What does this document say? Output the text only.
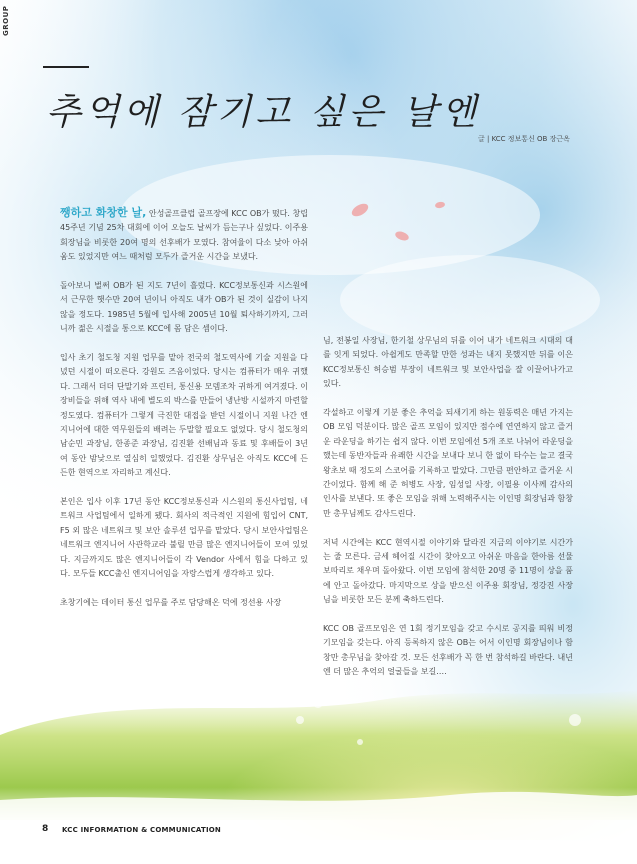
GROUP
추억에 잠기고 싶은 날엔
글 | KCC 정보통신 OB 장근옥

쨍하고 화창한 날, 안성골프클럽 골프장에 KCC OB가 떴다. 창립 45주년 기념 25차 대회에 이어 오늘도 날씨가 듬는구나 싶었다. 이주용 회장님을 비롯한 20여 명의 선후배가 모였다. 참여율이 다소 낮아 아쉬움도 있었지만 여느 때처럼 모두가 즐거운 시간을 보냈다.

돌아보니 벌써 OB가 된 지도 7년이 흘렀다. KCC정보통신과 시스원에서 근무한 햇수만 20여 년이니 아직도 내가 OB가 된 것이 실감이 나지 않을 정도다. 1985년 5월에 입사해 2005년 10월 퇴사하기까지, 그러니까 젊은 시절을 통으로 KCC에 몸 담은 셈이다.

입사 초기 철도청 지원 업무를 맡아 전국의 철도역사에 기술 지원을 다녔던 시절이 떠오른다. 강원도 즈음이었다. 당시는 컴퓨터가 매우 귀했다. 그래서 더더 단말기와 프린터, 통신용 모뎀조차 귀하게 여겨졌다. 이 장비들을 위해 역사 내에 별도의 박스를 만들어 냉난방 시설까지 마련할 정도였다. 컴퓨터가 그렇게 극진한 대접을 받던 시절이니 지원 나간 엔지니어에 대한 역무원들의 배려는 두말할 필요도 없었다. 당시 철도청의 남순민 과장님, 한종준 과장님, 김진환 선배님과 동료 및 후배들이 3년여 동안 밤낮으로 열심히 일했었다. 김진환 상무님은 아직도 KCC에 든든한 현역으로 자리하고 계신다.

본인은 입사 이후 17년 동안 KCC정보통신과 시스원의 통신사업팀, 네트워크 사업팀에서 일하게 됐다. 회사의 적극적인 지원에 힘입어 CNT, F5 외 많은 네트워크 및 보안 솔루션 업무를 맡았다. 당시 보안사업팀은 네트워크 엔지니어 사관학교라 불릴 만큼 많은 엔지니어들이 모여 있었다. 지금까지도 많은 엔지니어들이 각 Vendor 사에서 힘을 다하고 있다. 모두들 KCC출신 엔지니어임을 자랑스럽게 생각하고 있다.

초창기에는 데이터 통신 업무를 주로 담당해온 덕에 정선용 사장

님, 전봉일 사장님, 한기철 상무님의 뒤를 이어 내가 네트워크 시대의 대를 잇게 되었다. 아쉽게도 만족할 만한 성과는 내지 못했지만 뒤를 이은 KCC정보통신 허승범 부장이 네트워크 및 보안사업을 잘 이끌어나가고 있다.

각설하고 이렇게 기분 좋은 추억을 되새기게 하는 원동력은 매년 가지는 OB 모임 덕분이다. 많은 골프 모임이 있지만 점수에 연연하지 않고 즐거운 라운딩을 하기는 쉽지 않다. 이번 모임에선 5개 조로 나뉘어 라운딩을 했는데 동반자들과 유쾌한 시간을 보내다 보니 한 없이 타수는 늘고 결국 왕초보 때 정도의 스코어를 기록하고 말았다. 그만큼 편안하고 즐거운 시간이었다. 함께 해 준 허병도 사장, 임성일 사장, 이필용 이사께 감사의 인사를 보낸다. 또 좋은 모임을 위해 노력해주시는 이인명 회장님과 함창만 총무님께도 감사드린다.

저녁 시간에는 KCC 현역시절 이야기와 달라진 지금의 이야기로 시간가는 줄 모른다. 금세 헤어질 시간이 찾아오고 아쉬운 마음을 한아름 선물 보따리로 채우며 돌아왔다. 이번 모임에 참석한 20명 중 11명이 상을 품에 안고 돌아갔다. 마지막으로 상을 받으신 이주용 회장님, 정강진 사장님을 비롯한 모든 분께 축하드린다.

KCC OB 골프모임은 연 1회 정기모임을 갖고 수시로 공지를 띄워 비정기모임을 갖는다. 아직 등록하지 않은 OB는 어서 이인명 회장님이나 함창만 총무님을 찾아갈 것. 모든 선후배가 꼭 한 번 참석하길 바란다. 내년엔 더 많은 추억의 얼굴들을 보길….

8 KCC INFORMATION & COMMUNICATION
